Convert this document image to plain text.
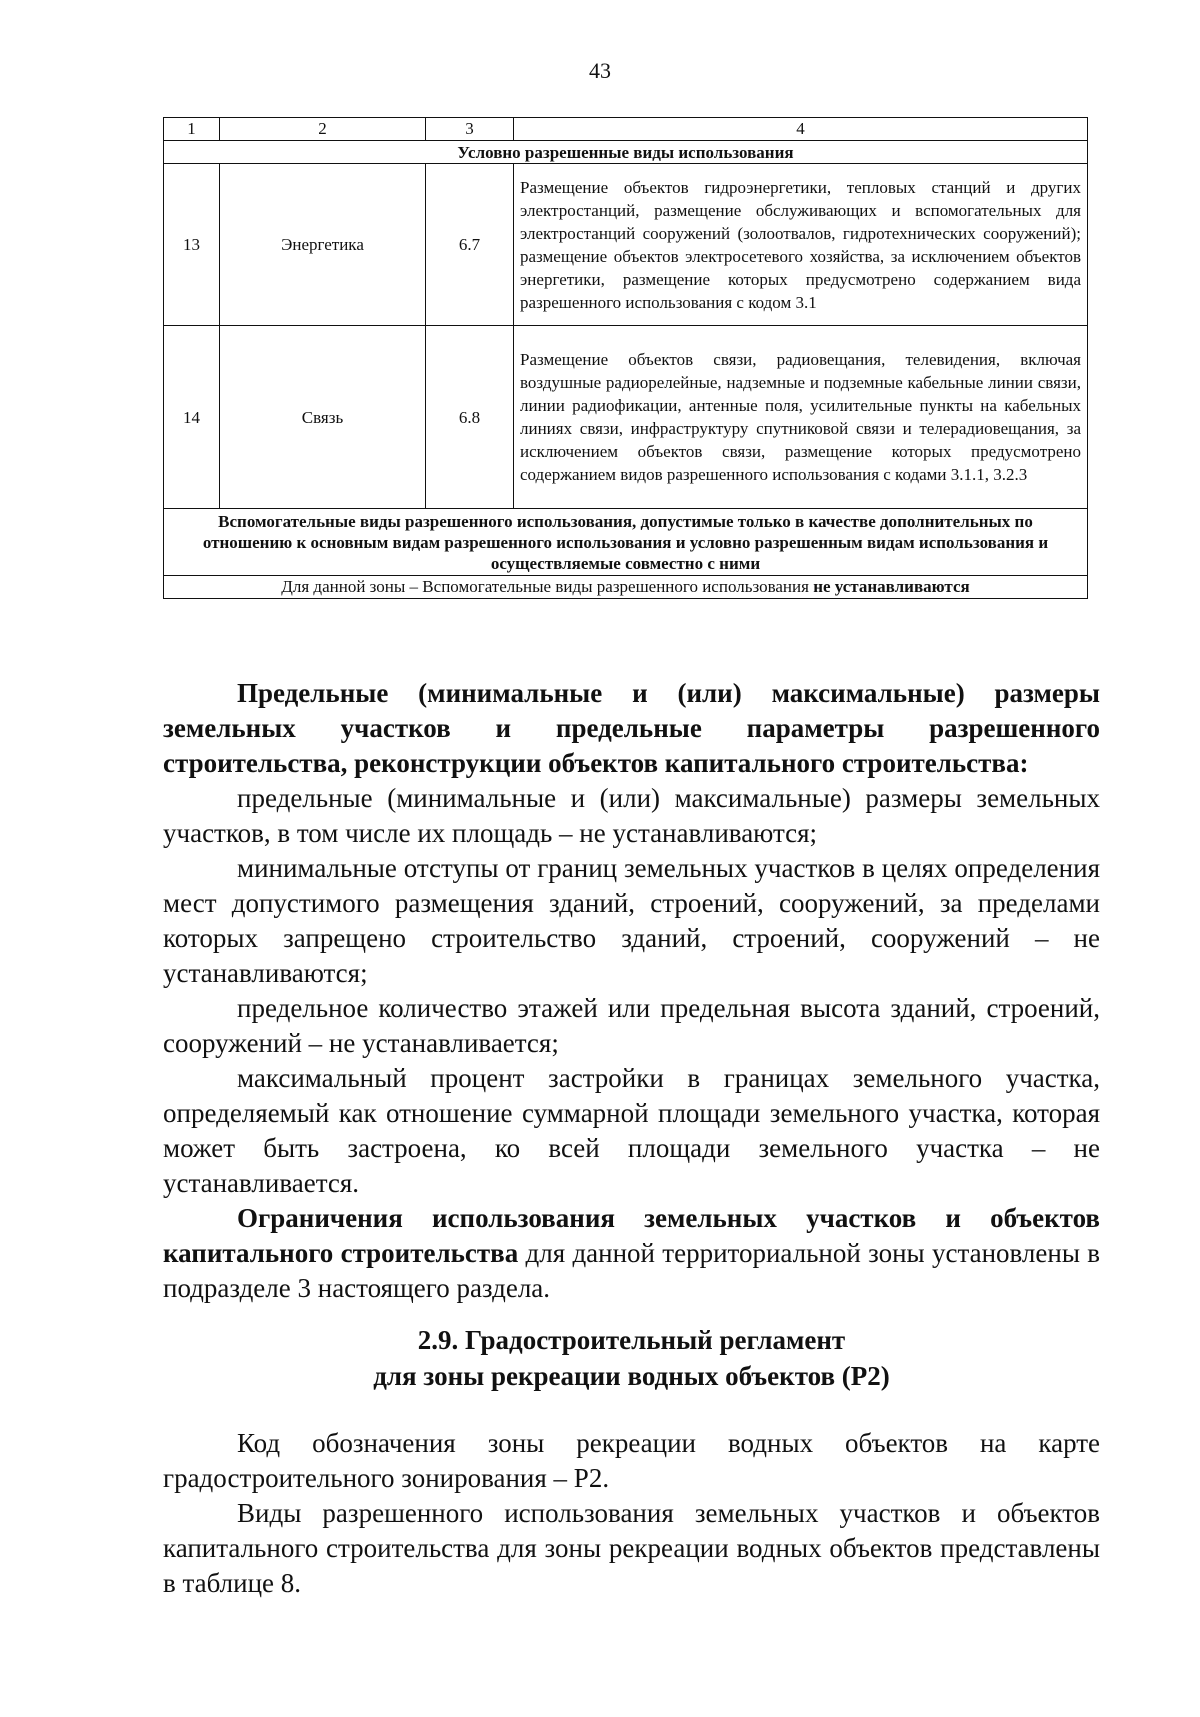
43
1	2	3	4
Условно разрешенные виды использования			
13	Энергетика	6.7	Размещение объектов гидроэнергетики, тепловых станций и других электростанций, размещение обслуживающих и вспомогательных для электростанций сооружений (золоотвалов, гидротехнических сооружений); размещение объектов электросетевого хозяйства, за исключением объектов энергетики, размещение которых предусмотрено содержанием вида разрешенного использования с кодом 3.1
14	Связь	6.8	Размещение объектов связи, радиовещания, телевидения, включая воздушные радиорелейные, надземные и подземные кабельные линии связи, линии радиофикации, антенные поля, усилительные пункты на кабельных линиях связи, инфраструктуру спутниковой связи и телерадиовещания, за исключением объектов связи, размещение которых предусмотрено содержанием видов разрешенного использования с кодами 3.1.1, 3.2.3
Вспомогательные виды разрешенного использования, допустимые только в качестве дополнительных по отношению к основным видам разрешенного использования и условно разрешенным видам использования и осуществляемые совместно с ними			
Для данной зоны – Вспомогательные виды разрешенного использования не устанавливаются			

Предельные (минимальные и (или) максимальные) размеры земельных участков и предельные параметры разрешенного строительства, реконструкции объектов капитального строительства:

предельные (минимальные и (или) максимальные) размеры земельных участков, в том числе их площадь – не устанавливаются;

минимальные отступы от границ земельных участков в целях определения мест допустимого размещения зданий, строений, сооружений, за пределами которых запрещено строительство зданий, строений, сооружений – не устанавливаются;

предельное количество этажей или предельная высота зданий, строений, сооружений – не устанавливается;

максимальный процент застройки в границах земельного участка, определяемый как отношение суммарной площади земельного участка, которая может быть застроена, ко всей площади земельного участка – не устанавливается.

Ограничения использования земельных участков и объектов капитального строительства для данной территориальной зоны установлены в подразделе 3 настоящего раздела.

2.9. Градостроительный регламент
для зоны рекреации водных объектов (Р2)

Код обозначения зоны рекреации водных объектов на карте градостроительного зонирования – Р2.

Виды разрешенного использования земельных участков и объектов капитального строительства для зоны рекреации водных объектов представлены в таблице 8.
